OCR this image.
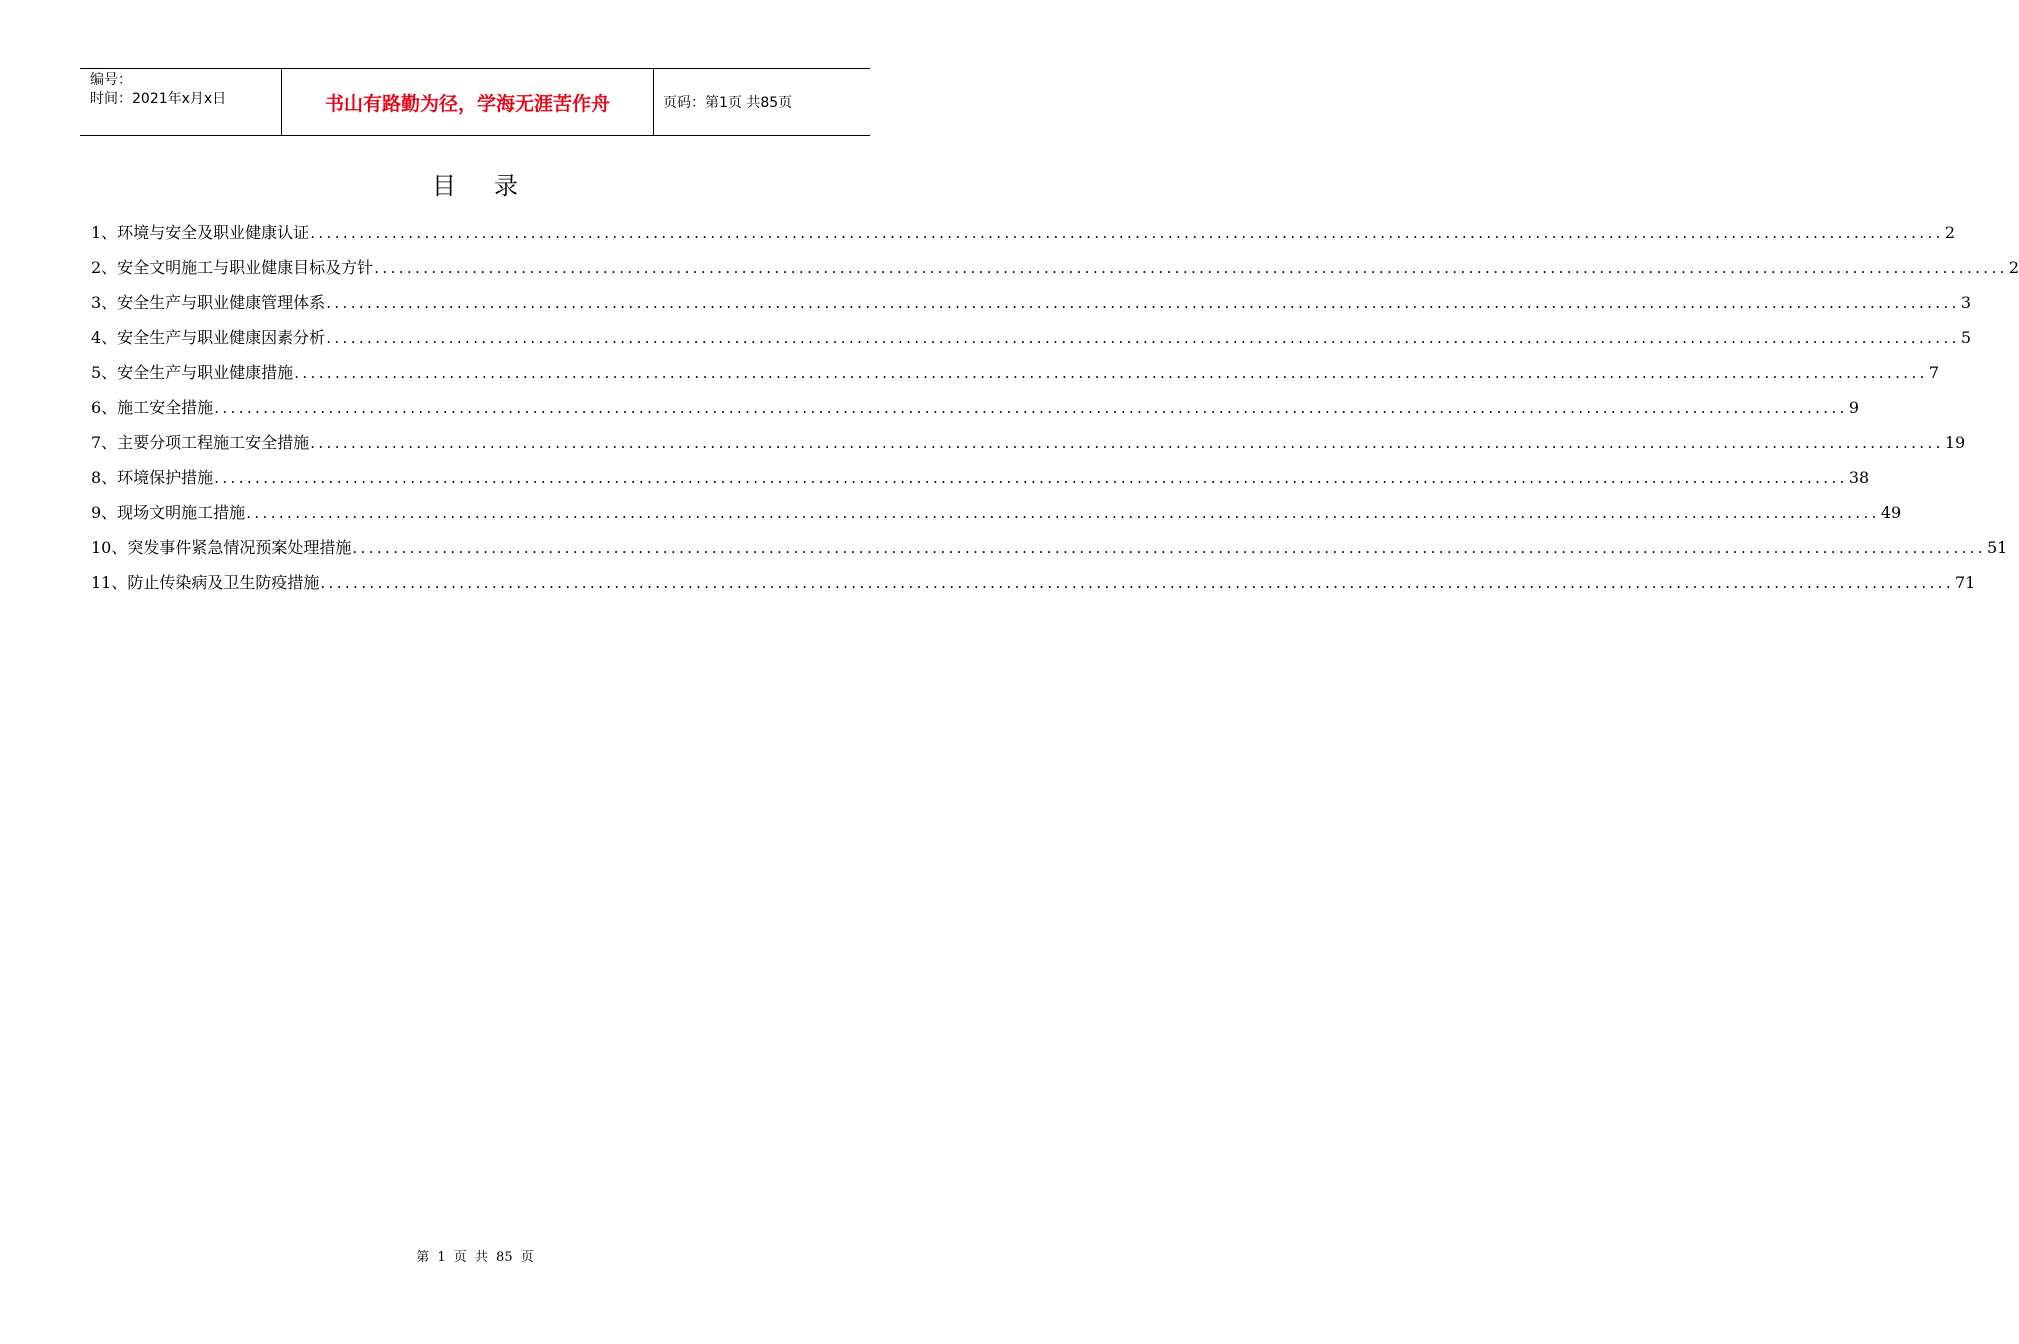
编号：
时间：2021年x月x日	书山有路勤为径，学海无涯苦作舟	页码：第1页 共85页
目录
1、环境与安全及职业健康认证 ........................................................................................................................................................................................................ 2
2、安全文明施工与职业健康目标及方针 ........................................................................................................................................................................................................ 2
3、安全生产与职业健康管理体系 ........................................................................................................................................................................................................ 3
4、安全生产与职业健康因素分析 ........................................................................................................................................................................................................ 5
5、安全生产与职业健康措施 ........................................................................................................................................................................................................ 7
6、施工安全措施 ........................................................................................................................................................................................................ 9
7、主要分项工程施工安全措施 ........................................................................................................................................................................................................ 19
8、环境保护措施 ........................................................................................................................................................................................................ 38
9、现场文明施工措施 ........................................................................................................................................................................................................ 49
10、突发事件紧急情况预案处理措施 ........................................................................................................................................................................................................ 51
11、防止传染病及卫生防疫措施 ........................................................................................................................................................................................................ 71
第 1 页 共 85 页
